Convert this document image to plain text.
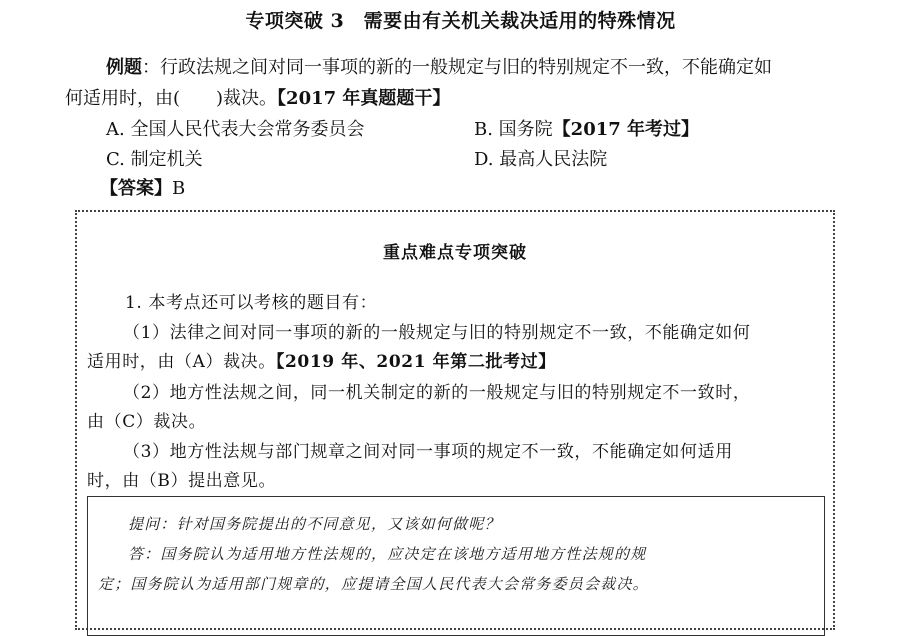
专项突破 3　需要由有关机关裁决适用的特殊情况
例题：行政法规之间对同一事项的新的一般规定与旧的特别规定不一致，不能确定如
何适用时，由(　　)裁决。【2017 年真题题干】
A. 全国人民代表大会常务委员会	B. 国务院【2017 年考过】
C. 制定机关	D. 最高人民法院
【答案】B
重点难点专项突破
1. 本考点还可以考核的题目有：
（1）法律之间对同一事项的新的一般规定与旧的特别规定不一致，不能确定如何
适用时，由（A）裁决。【2019 年、2021 年第二批考过】
（2）地方性法规之间，同一机关制定的新的一般规定与旧的特别规定不一致时，
由（C）裁决。
（3）地方性法规与部门规章之间对同一事项的规定不一致，不能确定如何适用
时，由（B）提出意见。
提问：针对国务院提出的不同意见，又该如何做呢？
答：国务院认为适用地方性法规的，应决定在该地方适用地方性法规的规
定；国务院认为适用部门规章的，应提请全国人民代表大会常务委员会裁决。
